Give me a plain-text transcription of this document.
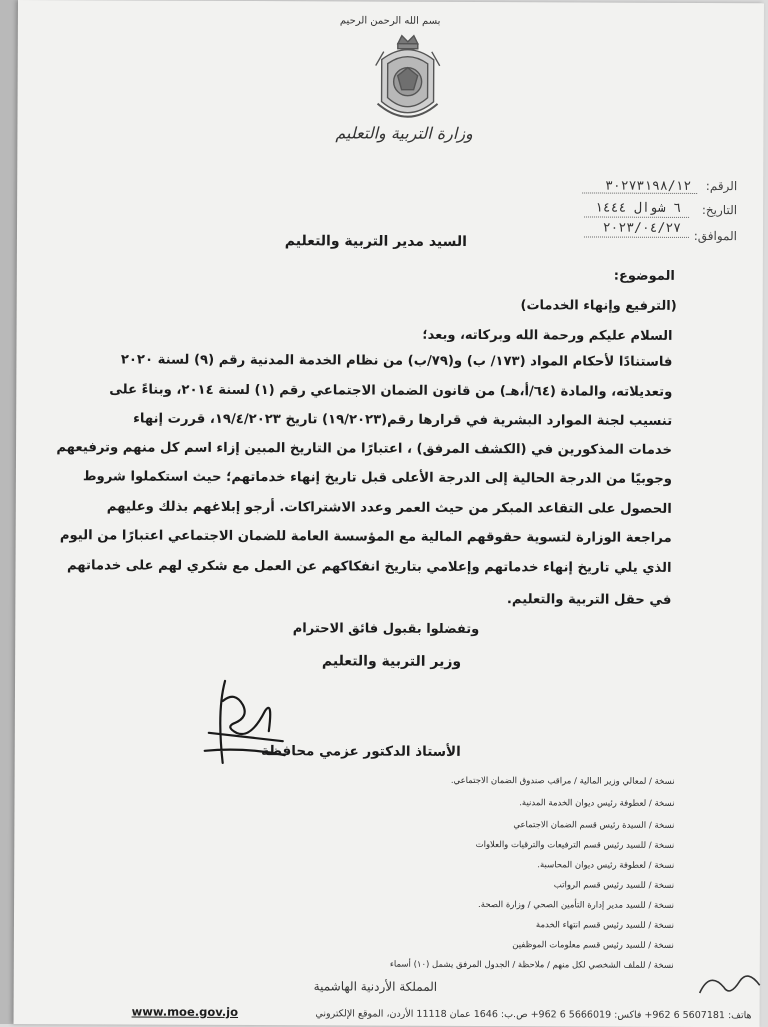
بسم الله الرحمن الرحيم
وزارة التربية والتعليم
الرقم:
٣٠٢٧٣١٩٨/١٢
التاريخ:
٦ شوال ١٤٤٤
الموافق:
٢٠٢٣/٠٤/٢٧
السيد مدير التربية والتعليم
الموضوع:
(الترفيع وإنهاء الخدمات)
السلام عليكم ورحمة الله وبركاته، وبعد؛
فاستنادًا لأحكام المواد (١٧٣/ ب) و(٧٩/ب) من نظام الخدمة المدنية رقم (٩) لسنة ٢٠٢٠
وتعديلاته، والمادة (٦٤/أ،هـ) من قانون الضمان الاجتماعي رقم (١) لسنة ٢٠١٤، وبناءً على
تنسيب لجنة الموارد البشرية في قرارها رقم(١٩/٢٠٢٣) تاريخ ١٩/٤/٢٠٢٣، قررت إنهاء
خدمات المذكورين في (الكشف المرفق) ، اعتبارًا من التاريخ المبين إزاء اسم كل منهم وترفيعهم
وجوبيًا من الدرجة الحالية إلى الدرجة الأعلى قبل تاريخ إنهاء خدماتهم؛ حيث استكملوا شروط
الحصول على التقاعد المبكر من حيث العمر وعدد الاشتراكات. أرجو إبلاغهم بذلك وعليهم
مراجعة الوزارة لتسوية حقوقهم المالية مع المؤسسة العامة للضمان الاجتماعي اعتبارًا من اليوم
الذي يلي تاريخ إنهاء خدماتهم وإعلامي بتاريخ انفكاكهم عن العمل مع شكري لهم على خدماتهم
في حقل التربية والتعليم.
وتفضلوا بقبول فائق الاحترام
وزير التربية والتعليم
الأستاذ الدكتور عزمي محافظة
نسخة / لمعالي وزير المالية / مراقب صندوق الضمان الاجتماعي.
نسخة / لعطوفة رئيس ديوان الخدمة المدنية.
نسخة / السيدة رئيس قسم الضمان الاجتماعي
نسخة / للسيد رئيس قسم الترفيعات والترقيات والعلاوات
نسخة / لعطوفة رئيس ديوان المحاسبة.
نسخة / للسيد رئيس قسم الرواتب
نسخة / للسيد مدير إدارة التأمين الصحي / وزارة الصحة.
نسخة / للسيد رئيس قسم انتهاء الخدمة
نسخة / للسيد رئيس قسم معلومات الموظفين
نسخة / للملف الشخصي لكل منهم / ملاحظة / الجدول المرفق يشمل (١٠) أسماء
المملكة الأردنية الهاشمية
www.moe.gov.jo	هاتف: 5607181 6 962+ فاكس: 5666019 6 962+ ص.ب: 1646 عمان 11118 الأردن، الموقع الإلكتروني
